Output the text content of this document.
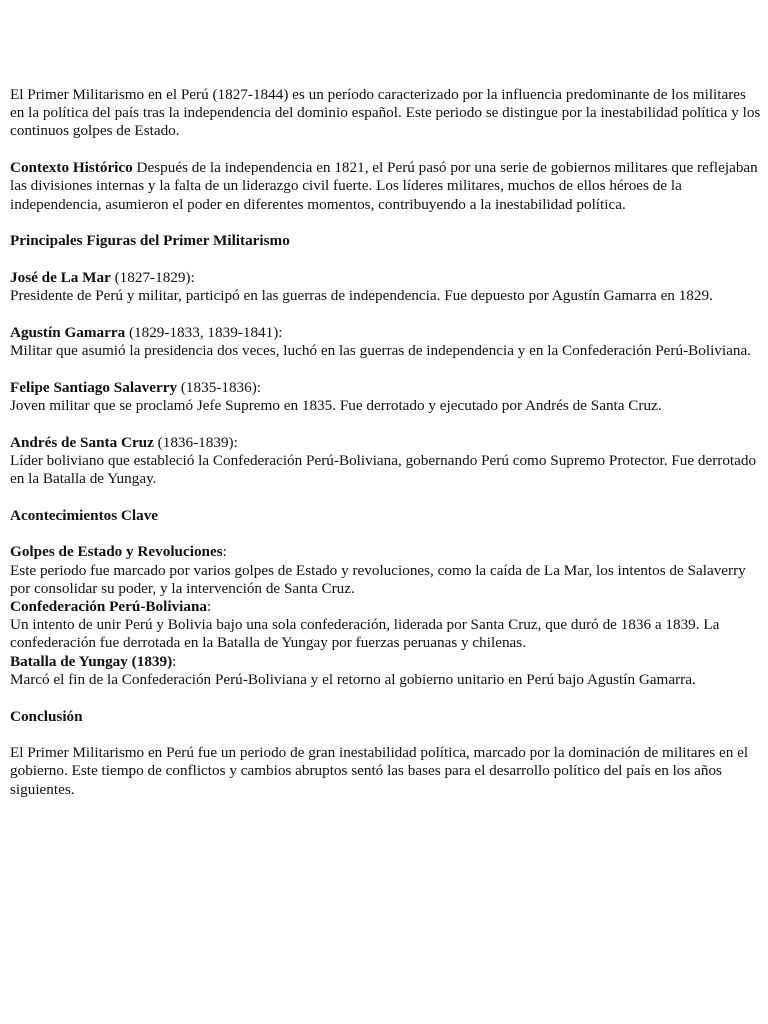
El Primer Militarismo en el Perú (1827-1844) es un período caracterizado por la influencia predominante de los militares en la política del país tras la independencia del dominio español. Este periodo se distingue por la inestabilidad política y los continuos golpes de Estado.

Contexto Histórico Después de la independencia en 1821, el Perú pasó por una serie de gobiernos militares que reflejaban las divisiones internas y la falta de un liderazgo civil fuerte. Los líderes militares, muchos de ellos héroes de la independencia, asumieron el poder en diferentes momentos, contribuyendo a la inestabilidad política.

Principales Figuras del Primer Militarismo

José de La Mar (1827-1829):

Presidente de Perú y militar, participó en las guerras de independencia. Fue depuesto por Agustín Gamarra en 1829.

Agustín Gamarra (1829-1833, 1839-1841):

Militar que asumió la presidencia dos veces, luchó en las guerras de independencia y en la Confederación Perú-Boliviana.

Felipe Santiago Salaverry (1835-1836):

Joven militar que se proclamó Jefe Supremo en 1835. Fue derrotado y ejecutado por Andrés de Santa Cruz.

Andrés de Santa Cruz (1836-1839):

Líder boliviano que estableció la Confederación Perú-Boliviana, gobernando Perú como Supremo Protector. Fue derrotado en la Batalla de Yungay.

Acontecimientos Clave

Golpes de Estado y Revoluciones:

Este periodo fue marcado por varios golpes de Estado y revoluciones, como la caída de La Mar, los intentos de Salaverry por consolidar su poder, y la intervención de Santa Cruz.

Confederación Perú-Boliviana:

Un intento de unir Perú y Bolivia bajo una sola confederación, liderada por Santa Cruz, que duró de 1836 a 1839. La confederación fue derrotada en la Batalla de Yungay por fuerzas peruanas y chilenas.

Batalla de Yungay (1839):

Marcó el fin de la Confederación Perú-Boliviana y el retorno al gobierno unitario en Perú bajo Agustín Gamarra.

Conclusión

El Primer Militarismo en Perú fue un periodo de gran inestabilidad política, marcado por la dominación de militares en el gobierno. Este tiempo de conflictos y cambios abruptos sentó las bases para el desarrollo político del país en los años siguientes.
